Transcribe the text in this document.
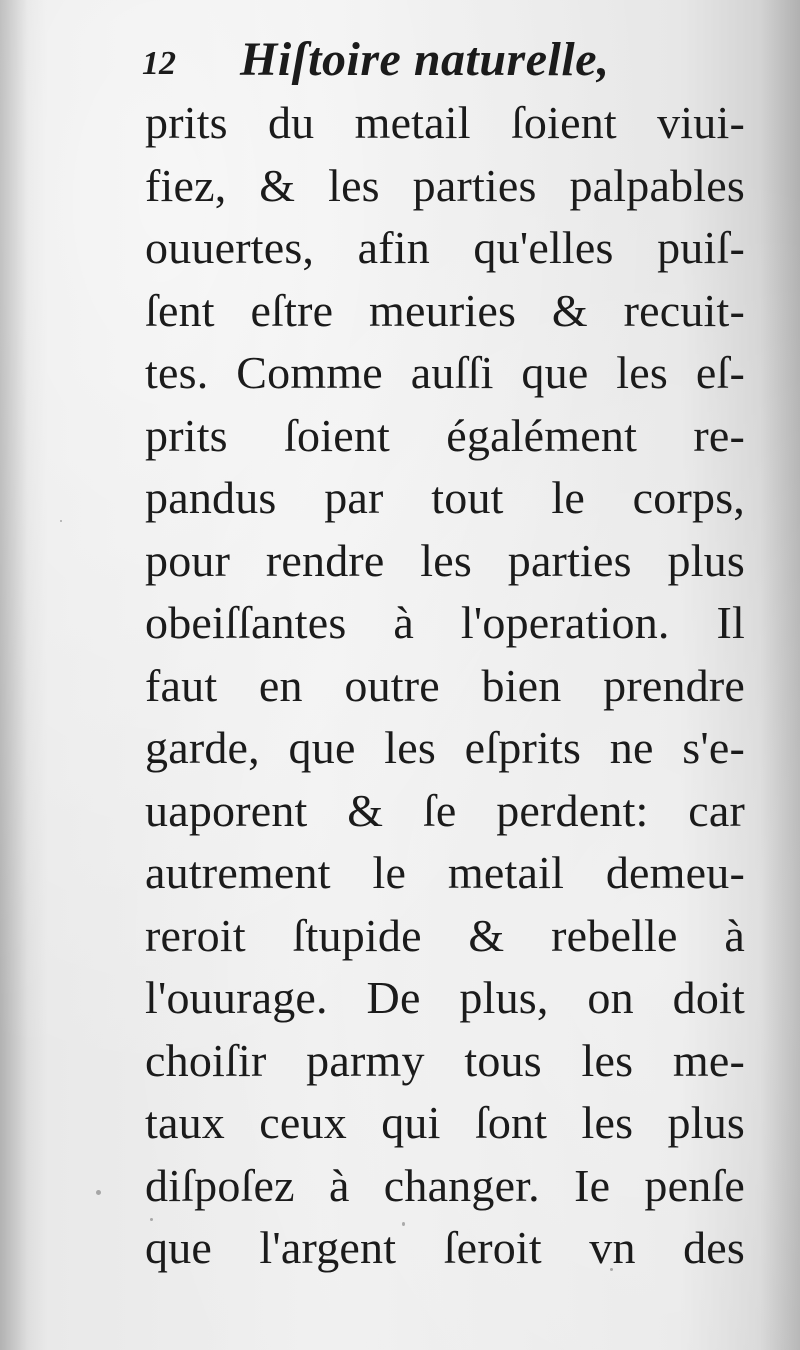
12 Hiſtoire naturelle,
prits du metail ſoient viui-
fiez, & les parties palpables
ouuertes, afin qu'elles puiſ-
ſent eſtre meuries & recuit-
tes. Comme auſſi que les eſ-
prits ſoient égalément re-
pandus par tout le corps,
pour rendre les parties plus
obeiſſantes à l'operation. Il
faut en outre bien prendre
garde, que les eſprits ne s'e-
uaporent & ſe perdent: car
autrement le metail demeu-
reroit ſtupide & rebelle à
l'ouurage. De plus, on doit
choiſir parmy tous les me-
taux ceux qui ſont les plus
diſpoſez à changer. Ie penſe
que l'argent ſeroit vn des
